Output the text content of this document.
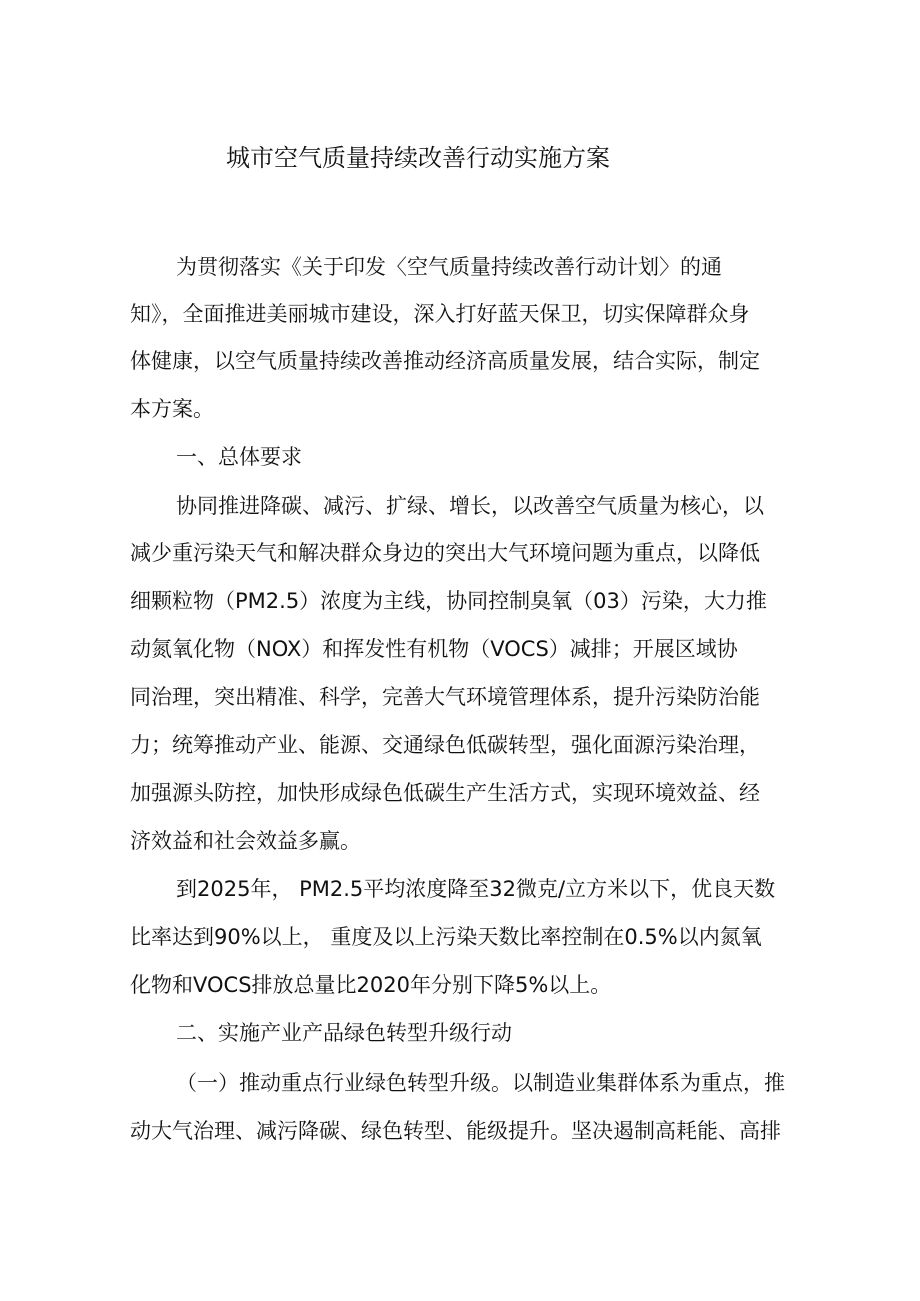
城市空气质量持续改善行动实施方案
为贯彻落实《关于印发〈空气质量持续改善行动计划〉的通
知》，全面推进美丽城市建设，深入打好蓝天保卫，切实保障群众身
体健康，以空气质量持续改善推动经济高质量发展，结合实际，制定
本方案。
一、总体要求
协同推进降碳、减污、扩绿、增长，以改善空气质量为核心，以
减少重污染天气和解决群众身边的突出大气环境问题为重点，以降低
细颗粒物（PM2.5）浓度为主线，协同控制臭氧（03）污染，大力推
动氮氧化物（NOX）和挥发性有机物（VOCS）减排；开展区域协
同治理，突出精准、科学，完善大气环境管理体系，提升污染防治能
力；统筹推动产业、能源、交通绿色低碳转型，强化面源污染治理，
加强源头防控，加快形成绿色低碳生产生活方式，实现环境效益、经
济效益和社会效益多赢。
到2025年， PM2.5平均浓度降至32微克/立方米以下，优良天数
比率达到90%以上， 重度及以上污染天数比率控制在0.5%以内氮氧
化物和VOCS排放总量比2020年分别下降5%以上。
二、实施产业产品绿色转型升级行动
（一）推动重点行业绿色转型升级。以制造业集群体系为重点，推
动大气治理、减污降碳、绿色转型、能级提升。坚决遏制高耗能、高排
